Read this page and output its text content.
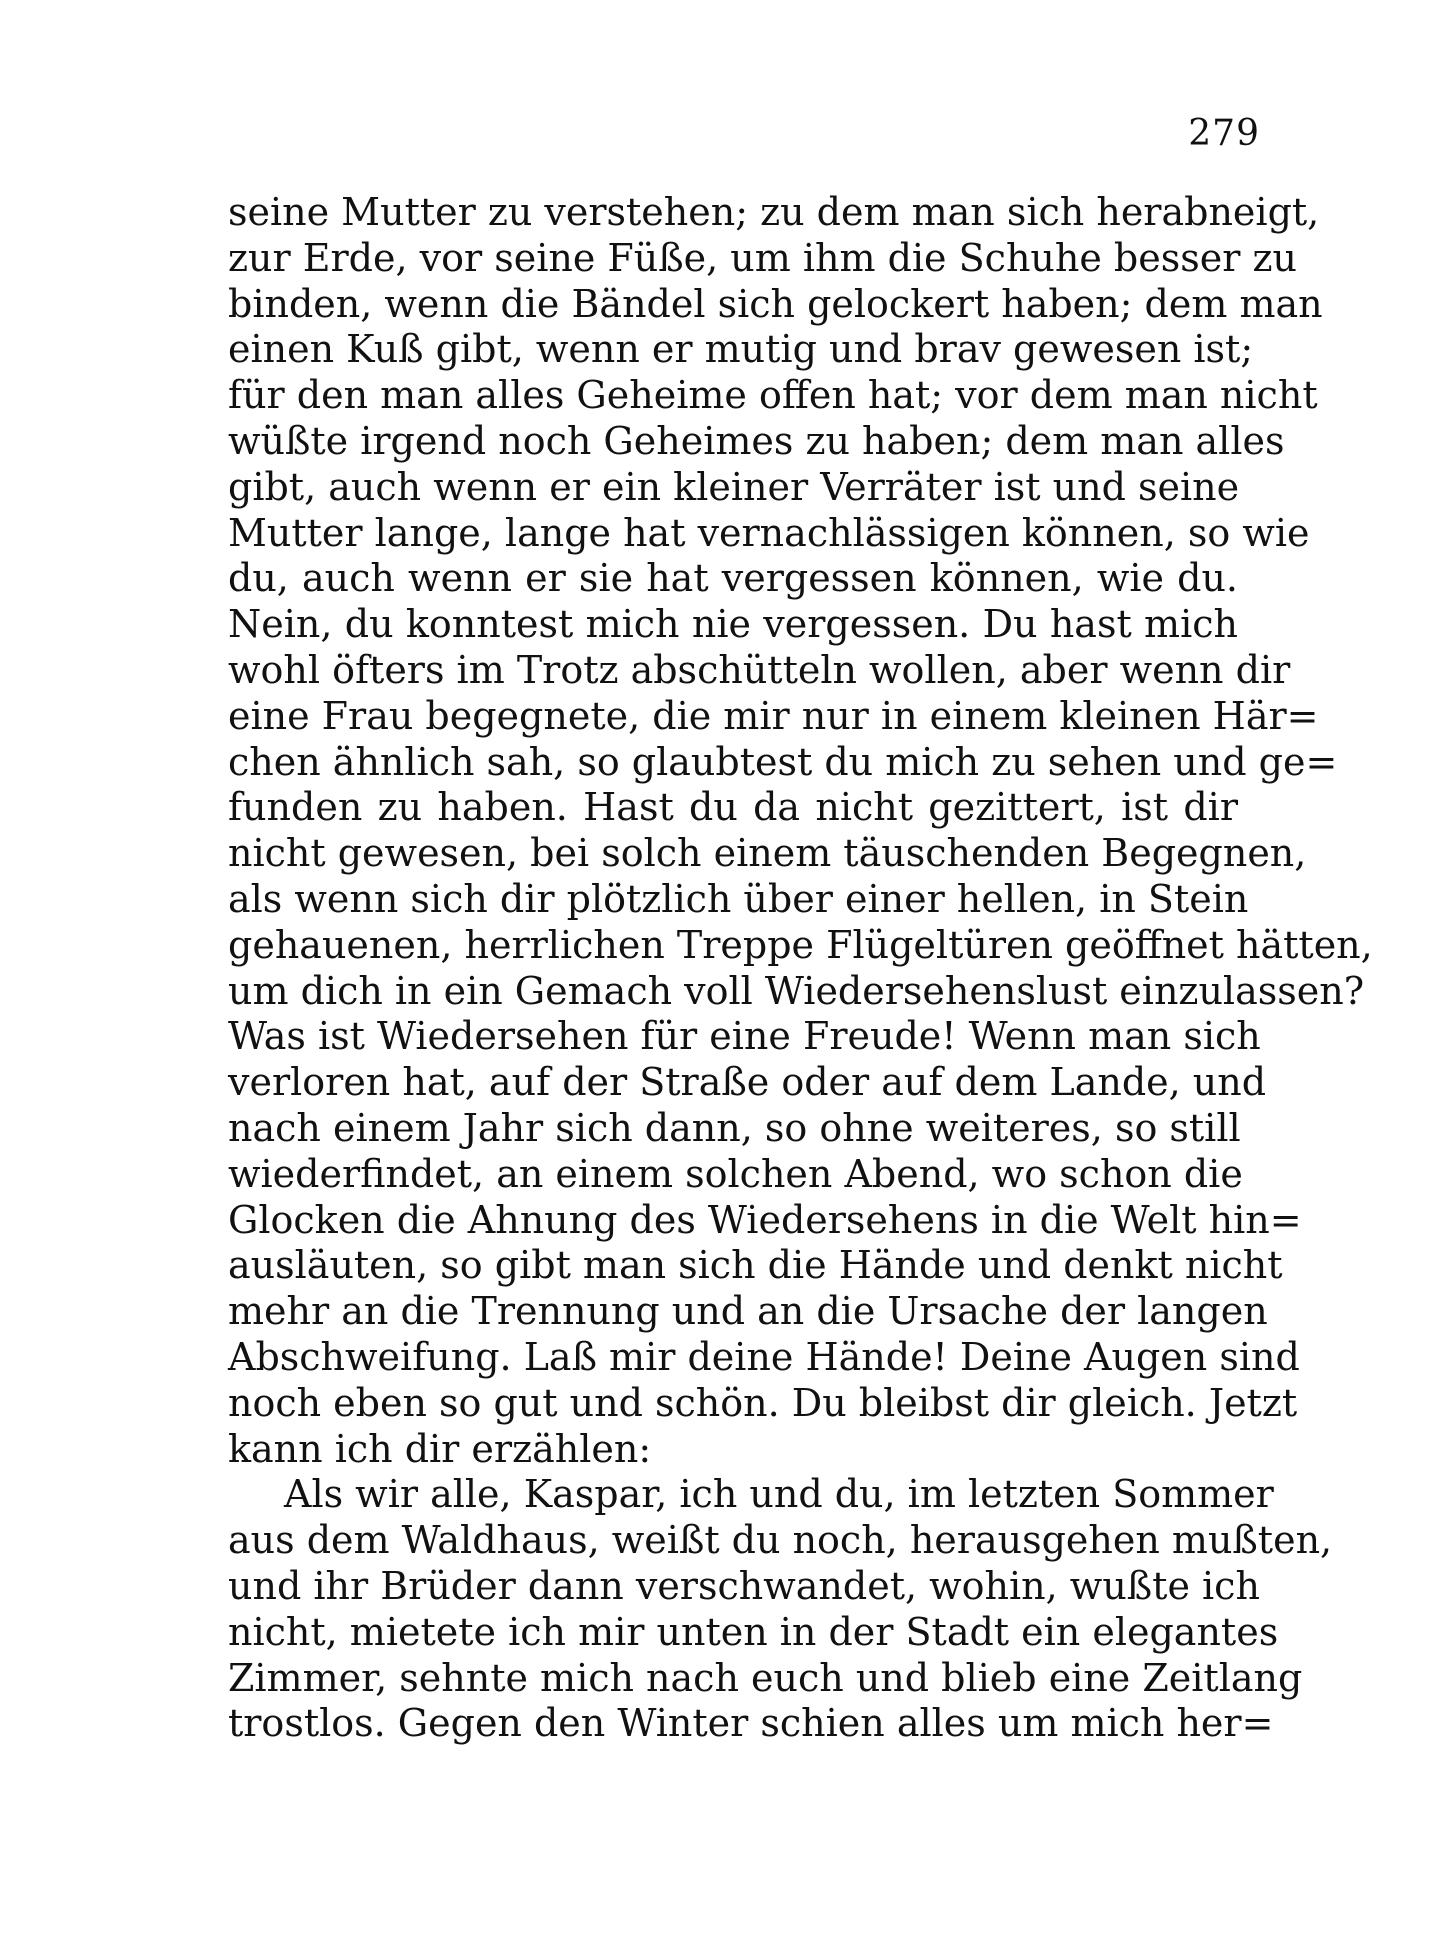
279
seine Mutter zu verstehen; zu dem man sich herabneigt,
zur Erde, vor seine Füße, um ihm die Schuhe besser zu
binden, wenn die Bändel sich gelockert haben; dem man
einen Kuß gibt, wenn er mutig und brav gewesen ist;
für den man alles Geheime offen hat; vor dem man nicht
wüßte irgend noch Geheimes zu haben; dem man alles
gibt, auch wenn er ein kleiner Verräter ist und seine
Mutter lange, lange hat vernachlässigen können, so wie
du, auch wenn er sie hat vergessen können, wie du.
Nein, du konntest mich nie vergessen. Du hast mich
wohl öfters im Trotz abschütteln wollen, aber wenn dir
eine Frau begegnete, die mir nur in einem kleinen Här=
chen ähnlich sah, so glaubtest du mich zu sehen und ge=
funden zu haben. Hast du da nicht gezittert, ist dir
nicht gewesen, bei solch einem täuschenden Begegnen,
als wenn sich dir plötzlich über einer hellen, in Stein
gehauenen, herrlichen Treppe Flügeltüren geöffnet hätten,
um dich in ein Gemach voll Wiedersehenslust einzulassen?
Was ist Wiedersehen für eine Freude! Wenn man sich
verloren hat, auf der Straße oder auf dem Lande, und
nach einem Jahr sich dann, so ohne weiteres, so still
wiederfindet, an einem solchen Abend, wo schon die
Glocken die Ahnung des Wiedersehens in die Welt hin=
ausläuten, so gibt man sich die Hände und denkt nicht
mehr an die Trennung und an die Ursache der langen
Abschweifung. Laß mir deine Hände! Deine Augen sind
noch eben so gut und schön. Du bleibst dir gleich. Jetzt
kann ich dir erzählen:
Als wir alle, Kaspar, ich und du, im letzten Sommer
aus dem Waldhaus, weißt du noch, herausgehen mußten,
und ihr Brüder dann verschwandet, wohin, wußte ich
nicht, mietete ich mir unten in der Stadt ein elegantes
Zimmer, sehnte mich nach euch und blieb eine Zeitlang
trostlos. Gegen den Winter schien alles um mich her=
